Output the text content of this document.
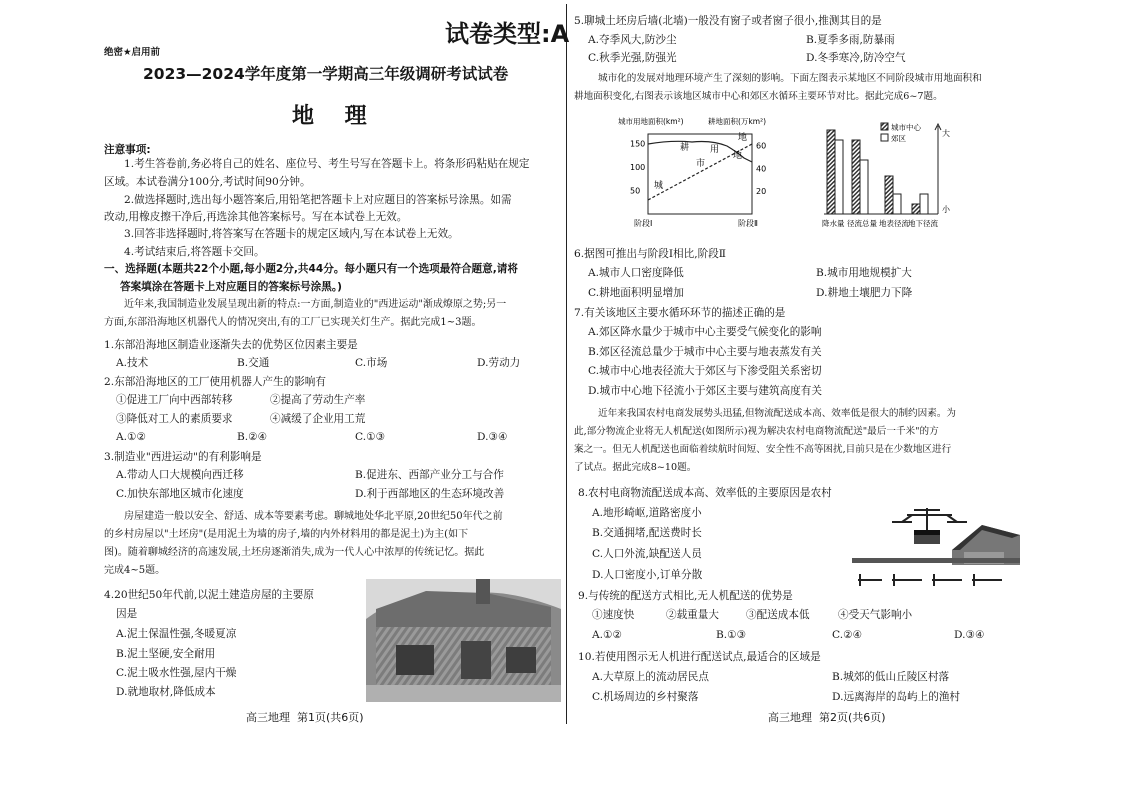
试卷类型:A
绝密★启用前
2023—2024学年度第一学期高三年级调研考试试卷
地    理
注意事项:
1.考生答卷前,务必将自己的姓名、座位号、考生号写在答题卡上。将条形码粘贴在规定
区域。本试卷满分100分,考试时间90分钟。
2.做选择题时,选出每小题答案后,用铅笔把答题卡上对应题目的答案标号涂黑。如需
改动,用橡皮擦干净后,再选涂其他答案标号。写在本试卷上无效。
3.回答非选择题时,将答案写在答题卡的规定区域内,写在本试卷上无效。
4.考试结束后,将答题卡交回。
一、选择题(本题共22个小题,每小题2分,共44分。每小题只有一个选项最符合题意,请将
答案填涂在答题卡上对应题目的答案标号涂黑。)
近年来,我国制造业发展呈现出新的特点:一方面,制造业的"西进运动"渐成燎原之势;另一
方面,东部沿海地区机器代人的情况突出,有的工厂已实现关灯生产。据此完成1~3题。
1.东部沿海地区制造业逐渐失去的优势区位因素主要是
A.技术	B.交通	C.市场	D.劳动力
2.东部沿海地区的工厂使用机器人产生的影响有
①促进工厂向中西部转移	②提高了劳动生产率
③降低对工人的素质要求	④减缓了企业用工荒
A.①②	B.②④	C.①③	D.③④
3.制造业"西进运动"的有利影响是
A.带动人口大规模向西迁移	B.促进东、西部产业分工与合作
C.加快东部地区城市化速度	D.利于西部地区的生态环境改善
房屋建造一般以安全、舒适、成本等要素考虑。聊城地处华北平原,20世纪50年代之前
的乡村房屋以"土坯房"(是用泥土为墙的房子,墙的内外材料用的都是泥土)为主(如下
图)。随着聊城经济的高速发展,土坯房逐渐消失,成为一代人心中浓厚的传统记忆。据此
完成4~5题。
4.20世纪50年代前,以泥土建造房屋的主要原
因是
A.泥土保温性强,冬暖夏凉
B.泥土坚硬,安全耐用
C.泥土吸水性强,屋内干燥
D.就地取材,降低成本
高三地理  第1页(共6页)
5.聊城土坯房后墙(北墙)一般没有窗子或者窗子很小,推测其目的是
A.夺季风大,防沙尘	B.夏季多雨,防暴雨
C.秋季光强,防强光	D.冬季寒冷,防冷空气
城市化的发展对地理环境产生了深刻的影响。下面左图表示某地区不同阶段城市用地面积和
耕地面积变化,右图表示该地区城市中心和郊区水循环主要环节对比。据此完成6~7题。
城市用地面积(km²)	耕地面积(万km²)
50
100
150
20
40
60
耕
地
城
市
用
地
阶段Ⅰ	阶段Ⅱ
大
小
城市中心
郊区
降水量 径流总量 地表径流 地下径流
6.据图可推出与阶段Ⅰ相比,阶段Ⅱ
A.城市人口密度降低	B.城市用地规模扩大
C.耕地面积明显增加	D.耕地土壤肥力下降
7.有关该地区主要水循环环节的描述正确的是
A.郊区降水量少于城市中心主要受气候变化的影响
B.郊区径流总量少于城市中心主要与地表蒸发有关
C.城市中心地表径流大于郊区与下渗受阻关系密切
D.城市中心地下径流小于郊区主要与建筑高度有关
近年来我国农村电商发展势头迅猛,但物流配送成本高、效率低是很大的制约因素。为
此,部分物流企业将无人机配送(如图所示)视为解决农村电商物流配送"最后一千米"的方
案之一。但无人机配送也面临着续航时间短、安全性不高等困扰,目前只是在少数地区进行
了试点。据此完成8~10题。
8.农村电商物流配送成本高、效率低的主要原因是农村
A.地形崎岖,道路密度小
B.交通拥堵,配送费时长
C.人口外流,缺配送人员
D.人口密度小,订单分散
9.与传统的配送方式相比,无人机配送的优势是
①速度快	②载重量大	③配送成本低	④受天气影响小
A.①②	B.①③	C.②④	D.③④
10.若使用图示无人机进行配送试点,最适合的区域是
A.大草原上的流动居民点	B.城郊的低山丘陵区村落
C.机场周边的乡村聚落	D.远离海岸的岛屿上的渔村
高三地理  第2页(共6页)
